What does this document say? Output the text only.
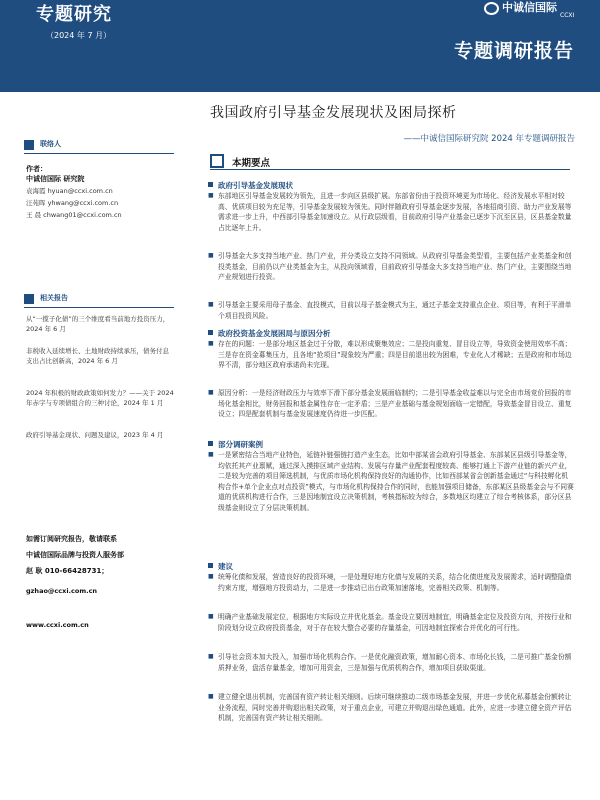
专题研究
（2024 年 7 月）
中诚信国际
CCXI
专题调研报告
联络人
作者：
中诚信国际 研究院
袁海霞 hyuan@ccxi.com.cn
汪苑晖 yhwang@ccxi.com.cn
王 晨 chwang01@ccxi.com.cn
相关报告
从“一揽子化债”的三个维度看当前地方投资压力，2024 年 6 月
非税收入延续增长、土地财政持续承压，债务付息支出占比创新高，2024 年 6 月
2024 年积极的财政政策如何发力？——关于 2024 年赤字与专项债组合的三种讨论，2024 年 1 月
政府引导基金现状、问题及建议，2023 年 4 月
如需订阅研究报告，敬请联系
中诚信国际品牌与投资人服务部
赵 耿 010-66428731；
gzhao@ccxi.com.cn
www.ccxi.com.cn
我国政府引导基金发展现状及困局探析
——中诚信国际研究院 2024 年专题调研报告
本期要点
政府引导基金发展现状
■ 东部地区引导基金发展较为领先，且进一步向区县级扩展。东部省份由于投资环境更为市场化、经济发展水平相对较高、优质项目较为充足等，引导基金发展较为领先。同时伴随政府引导基金逐步发展，各地招商引资、助力产业发展等需求进一步上升，中西部引导基金加速设立。从行政层级看，目前政府引导产业基金已逐步下沉至区县，区县基金数量占比逐年上升。
■ 引导基金大多支持当地产业、热门产业，并分类设立支持不同领域。从政府引导基金类型看，主要包括产业类基金和创投类基金，目前仍以产业类基金为主，从投向领域看，目前政府引导基金大多支持当地产业、热门产业，主要围绕当地产业规划进行投资。
■ 引导基金主要采用母子基金、直投模式，目前以母子基金模式为主，通过子基金支持重点企业、项目等，有利于平滑单个项目投资风险。
政府投资基金发展困局与原因分析
■ 存在的问题：一是部分地区基金过于分散，难以形成聚集效应；二是投向重复、冒目设立等，导致资金使用效率不高；三是存在资金募集压力，且各地“抢项目”现象较为严重；四是目前退出较为困难，专业化人才稀缺；五是政府和市场边界不清，部分地区政府承诺尚未完现。
■ 原因分析：一是经济财政压力与效率下滑下部分基金发展面临制约；二是引导基金收益难以与完全由市场竞价回报的市场化基金相比，财务回报和基金属性存在一定矛盾；三是产业基础与基金规划面临一定错配，导致基金冒目设立、重复设立；四是配套机制与基金发展速度仍待进一步匹配。
部分调研案例
■ 一是紧密结合当地产业特色，延链补链强链打造产业生态，比如中部某省会政府引导基金、东部某区县级引导基金等，均依托其产业禀赋，通过深入摸排区域产业结构、发展与存量产业配套程度较高、能够打通上下游产业链的新兴产业，二是较为完善的项目筛选机制，与优质市场化机构保持良好的沟通协作，比如西部某省会创新基金通过“与科技孵化机构合作+单个企业点对点投资”模式，与市场化机构保持合作的同时，也能加强项目储备，东部某区县级基金会与不同赛道的优质机构进行合作，三是因地制宜设立决策机制，考核指标较为综合，多数地区均建立了综合考核体系，部分区县级基金则设立了分层决策机制。
建议
■ 统筹化债和发展，营造良好的投资环境，一是处理好地方化债与发展的关系，结合化债进度及发展需求，适时调整隐债约束方度，增强地方投资动力，二是进一步推动已出台政策加速落地，完善相关政策、机制等。
■ 明确产业基础发展定位，根据地方实际设立并优化基金。基金设立要因地制宜，明确基金定位及投资方向，并按行业和阶段划分设立政府投资基金，对于存在较大整合必要的存量基金，可因地制宜探索合并优化的可行性。
■ 引导社会资本加大投入，加强市场化机构合作。一是优化融资政策，增加耐心资本、市场化长钱，二是可推广基金份额质押业务，盘活存量基金，增加可用资金，三是加强与优质机构合作，增加项目获取渠道。
■ 建立健全退出机制，完善国有资产转让相关细则。后续可继续推动二级市场基金发展，并进一步优化私募基金份额转让业务流程，同时完善并购退出相关政策，对于重点企业，可建立并购退出绿色通道。此外，应进一步建立健全资产评估机制，完善国有资产转让相关细则。
